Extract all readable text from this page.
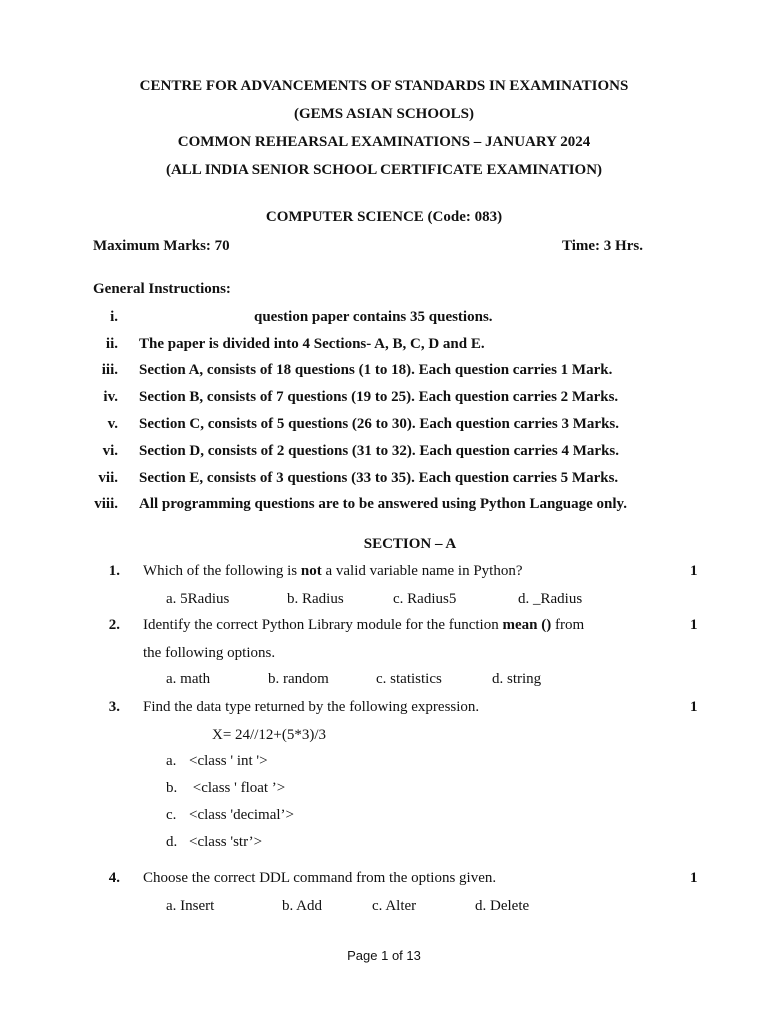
CENTRE FOR ADVANCEMENTS OF STANDARDS IN EXAMINATIONS
(GEMS ASIAN SCHOOLS)
COMMON REHEARSAL EXAMINATIONS – JANUARY 2024
(ALL INDIA SENIOR SCHOOL CERTIFICATE EXAMINATION)
COMPUTER SCIENCE (Code: 083)
Maximum Marks: 70	Time: 3 Hrs.
General Instructions:
i.	question paper contains 35 questions.
ii. The paper is divided into 4 Sections- A, B, C, D and E.
iii. Section A, consists of 18 questions (1 to 18). Each question carries 1 Mark.
iv. Section B, consists of 7 questions (19 to 25). Each question carries 2 Marks.
v. Section C, consists of 5 questions (26 to 30). Each question carries 3 Marks.
vi. Section D, consists of 2 questions (31 to 32). Each question carries 4 Marks.
vii. Section E, consists of 3 questions (33 to 35). Each question carries 5 Marks.
viii. All programming questions are to be answered using Python Language only.
SECTION – A
1. Which of the following is not a valid variable name in Python?	1
a. 5Radius	b. Radius	c. Radius5	d. _Radius
2. Identify the correct Python Library module for the function mean () from	1
the following options.
a. math	b. random	c. statistics	d. string
3. Find the data type returned by the following expression.	1
X= 24//12+(5*3)/3
a. <class ' int '>
b. <class ' float ’>
c. <class 'decimal’>
d. <class 'str’>
4. Choose the correct DDL command from the options given.	1
a. Insert	b. Add	c. Alter	d. Delete
Page 1 of 13
